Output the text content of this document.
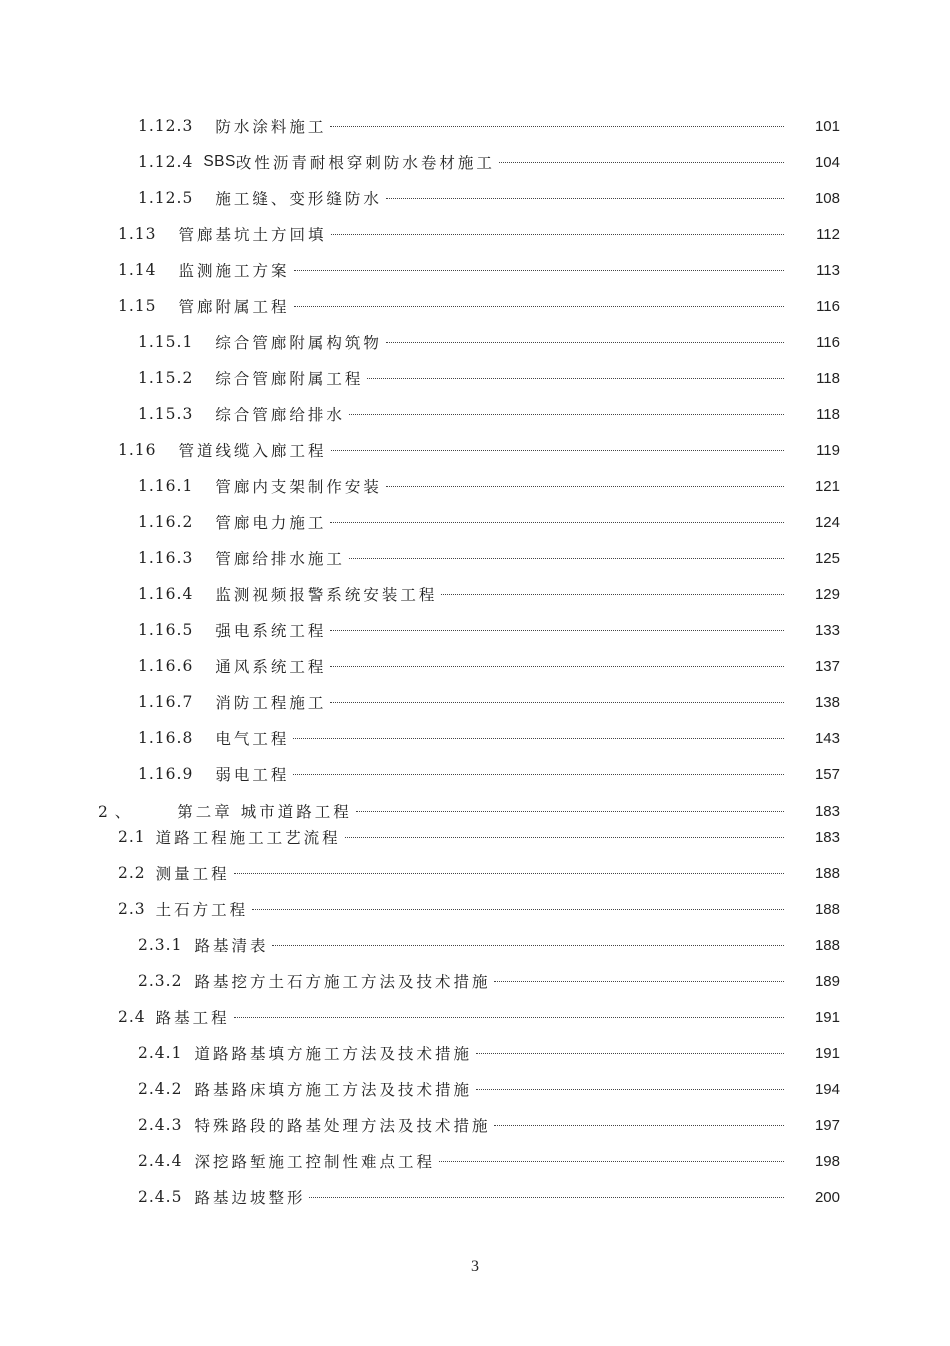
1.12.3 防水涂料施工	101
1.12.4 SBS 改性沥青耐根穿刺防水卷材施工	104
1.12.5 施工缝、变形缝防水	108
1.13 管廊基坑土方回填	112
1.14 监测施工方案	113
1.15 管廊附属工程	116
1.15.1 综合管廊附属构筑物	116
1.15.2 综合管廊附属工程	118
1.15.3 综合管廊给排水	118
1.16 管道线缆入廊工程	119
1.16.1 管廊内支架制作安装	121
1.16.2 管廊电力施工	124
1.16.3 管廊给排水施工	125
1.16.4 监测视频报警系统安装工程	129
1.16.5 强电系统工程	133
1.16.6 通风系统工程	137
1.16.7 消防工程施工	138
1.16.8 电气工程	143
1.16.9 弱电工程	157
2 、	第二章 城市道路工程	183
2.1 道路工程施工工艺流程	183
2.2 测量工程	188
2.3 土石方工程	188
2.3.1 路基清表	188
2.3.2 路基挖方土石方施工方法及技术措施	189
2.4 路基工程	191
2.4.1 道路路基填方施工方法及技术措施	191
2.4.2 路基路床填方施工方法及技术措施	194
2.4.3 特殊路段的路基处理方法及技术措施	197
2.4.4 深挖路堑施工控制性难点工程	198
2.4.5 路基边坡整形	200
3
